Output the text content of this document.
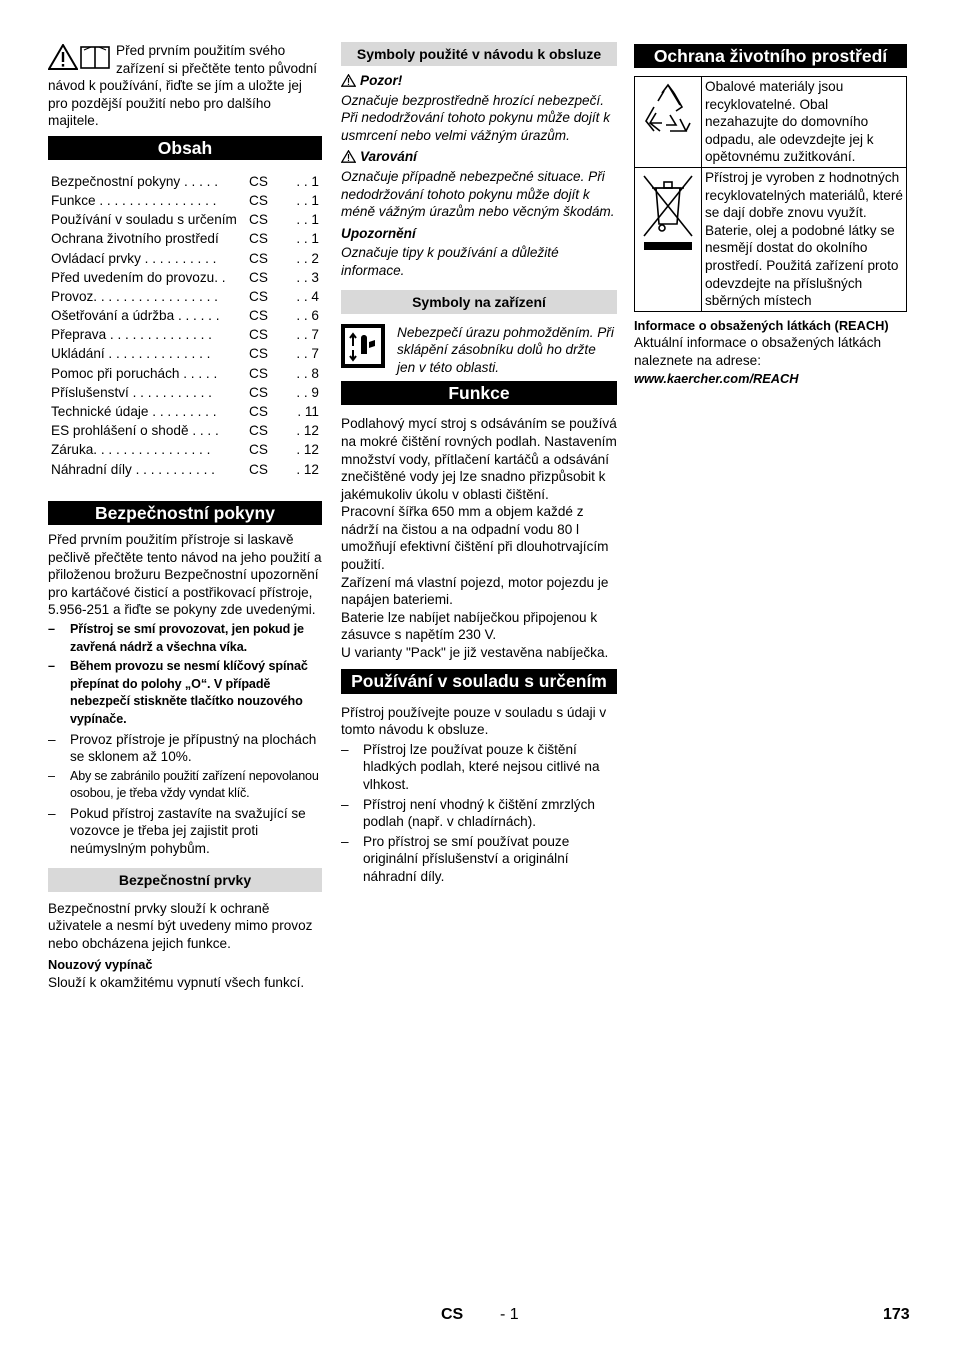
Před prvním použitím svého zařízení si přečtěte tento původní návod k používání, řiďte se jím a uložte jej pro pozdější použití nebo pro dalšího majitele.

Obsah
Bezpečnostní pokyny . . . . .	CS	. . 1
Funkce . . . . . . . . . . . . . . . .	CS	. . 1
Používání v souladu s určením	CS	. . 1
Ochrana životního prostředí	CS	. . 1
Ovládací prvky . . . . . . . . . .	CS	. . 2
Před uvedením do provozu. .	CS	. . 3
Provoz. . . . . . . . . . . . . . . . .	CS	. . 4
Ošetřování a údržba . . . . . .	CS	. . 6
Přeprava . . . . . . . . . . . . . .	CS	. . 7
Ukládání . . . . . . . . . . . . . .	CS	. . 7
Pomoc při poruchách . . . . .	CS	. . 8
Příslušenství . . . . . . . . . . .	CS	. . 9
Technické údaje . . . . . . . . .	CS	. 11
ES prohlášení o shodě . . . .	CS	. 12
Záruka. . . . . . . . . . . . . . . .	CS	. 12
Náhradní díly . . . . . . . . . . .	CS	. 12
Bezpečnostní pokyny

Před prvním použitím přístroje si laskavě pečlivě přečtěte tento návod na jeho použití a přiloženou brožuru Bezpečnostní upozornění pro kartáčové čisticí a postřikovací přístroje, 5.956-251 a řiďte se pokyny zde uvedenými.

– Přístroj se smí provozovat, jen pokud je zavřená nádrž a všechna víka.
– Během provozu se nesmí klíčový spínač přepínat do polohy „O“. V případě nebezpečí stiskněte tlačítko nouzového vypínače.
– Provoz přístroje je přípustný na plochách se sklonem až 10%.
– Aby se zabránilo použití zařízení nepovolanou osobou, je třeba vždy vyndat klíč.
– Pokud přístroj zastavíte na svažující se vozovce je třeba jej zajistit proti neúmyslným pohybům.
Bezpečnostní prvky

Bezpečnostní prvky slouží k ochraně uživatele a nesmí být uvedeny mimo provoz nebo obcházena jejich funkce.

Nouzový vypínač

Slouží k okamžitému vypnutí všech funkcí.

Symboly použité v návodu k obsluze

Pozor!

Označuje bezprostředně hrozící nebezpečí. Při nedodržování tohoto pokynu může dojít k usmrcení nebo velmi vážným úrazům.

Varování

Označuje případně nebezpečné situace. Při nedodržování tohoto pokynu může dojít k méně vážným úrazům nebo věcným škodám.

Upozornění

Označuje tipy k používání a důležité informace.

Symboly na zařízení

Nebezpečí úrazu pohmožděním. Při sklápění zásobníku dolů ho držte jen v této oblasti.

Funkce

Podlahový mycí stroj s odsáváním se používá na mokré čištění rovných podlah. Nastavením množství vody, přítlačení kartáčů a odsávání znečištěné vody jej lze snadno přizpůsobit k jakémukoliv úkolu v oblasti čištění.

Pracovní šířka 650 mm a objem každé z nádrží na čistou a na odpadní vodu 80 l umožňují efektivní čištění při dlouhotrvajícím použití.

Zařízení má vlastní pojezd, motor pojezdu je napájen bateriemi.

Baterie lze nabíjet nabíječkou připojenou k zásuvce s napětím 230 V.

U varianty "Pack" je již vestavěna nabíječka.

Používání v souladu s určením

Přístroj používejte pouze v souladu s údaji v tomto návodu k obsluze.

– Přístroj lze používat pouze k čištění hladkých podlah, které nejsou citlivé na vlhkost.
– Přístroj není vhodný k čištění zmrzlých podlah (např. v chladírnách).
– Pro přístroj se smí používat pouze originální příslušenství a originální náhradní díly.
Ochrana životního prostředí
	Obalové materiály jsou recyklovatelné. Obal nezahazujte do domovního odpadu, ale odevzdejte jej k opětovnému zužitkování.
	Přístroj je vyroben z hodnotných recyklovatelných materiálů, které se dají dobře znovu využít. Baterie, olej a podobné látky se nesmějí dostat do okolního prostředí. Použitá zařízení proto odevzdejte na příslušných sběrných místech

Informace o obsažených látkách (REACH)

Aktuální informace o obsažených látkách naleznete na adrese:

www.kaercher.com/REACH

CS - 1	173
